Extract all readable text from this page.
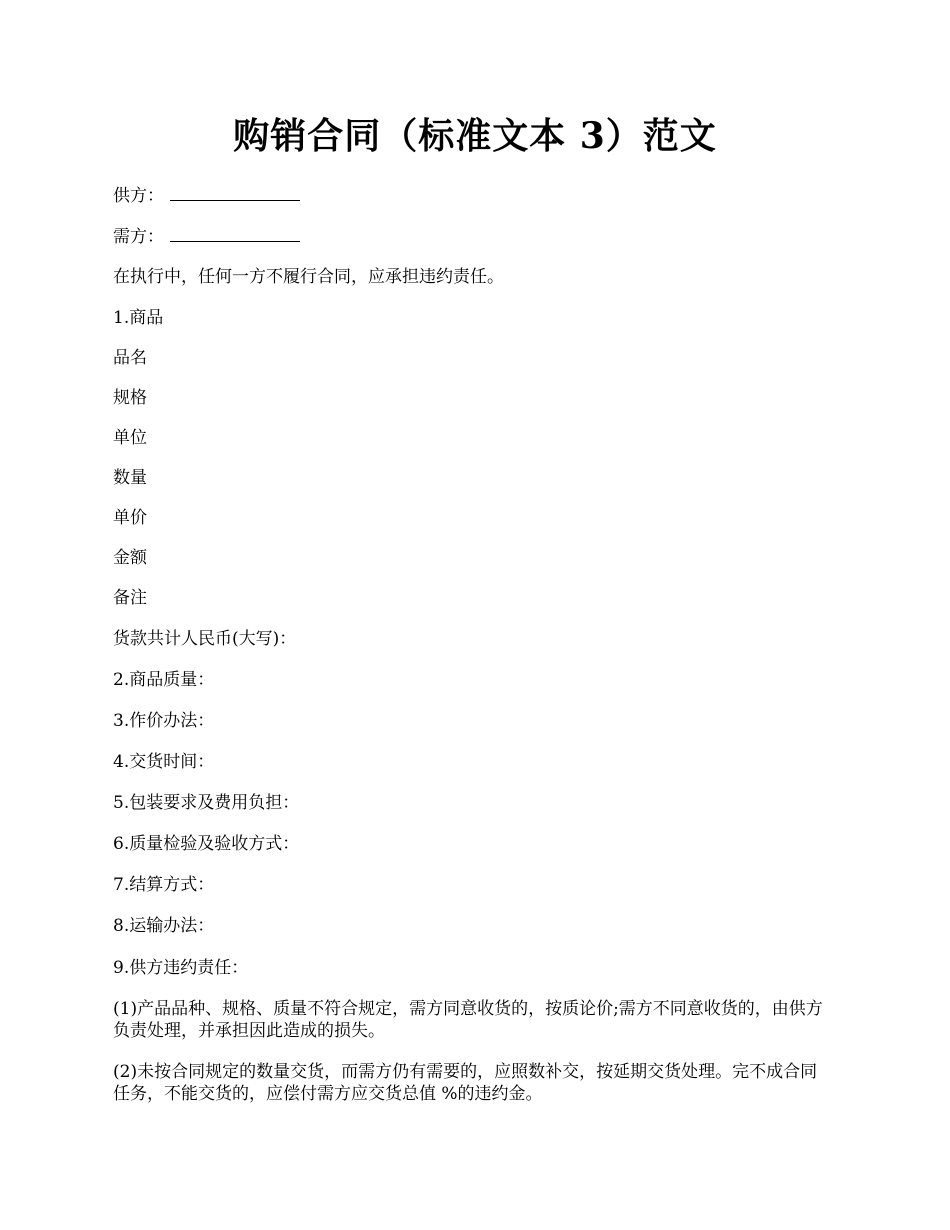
购销合同（标准文本 3）范文

供方：

需方：

在执行中，任何一方不履行合同，应承担违约责任。

1.商品

品名

规格

单位

数量

单价

金额

备注

货款共计人民币(大写)：

2.商品质量：

3.作价办法：

4.交货时间：

5.包装要求及费用负担：

6.质量检验及验收方式：

7.结算方式：

8.运输办法：

9.供方违约责任：

(1)产品品种、规格、质量不符合规定，需方同意收货的，按质论价;需方不同意收货的，由供方负责处理，并承担因此造成的损失。

(2)未按合同规定的数量交货，而需方仍有需要的，应照数补交，按延期交货处理。完不成合同任务，不能交货的，应偿付需方应交货总值 %的违约金。
